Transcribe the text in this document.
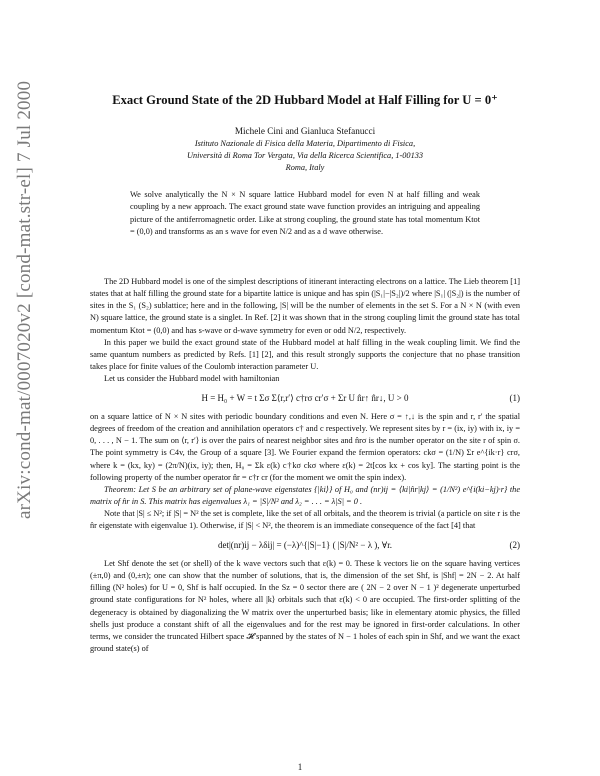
arXiv:cond-mat/0007020v2 [cond-mat.str-el] 7 Jul 2000	Exact Ground State of the 2D Hubbard Model at Half Filling for U = 0⁺
Michele Cini and Gianluca Stefanucci
Istituto Nazionale di Fisica della Materia, Dipartimento di Fisica,
Università di Roma Tor Vergata, Via della Ricerca Scientifica, 1-00133
Roma, Italy
We solve analytically the N × N square lattice Hubbard model for even N at half filling and weak coupling by a new approach. The exact ground state wave function provides an intriguing and appealing picture of the antiferromagnetic order. Like at strong coupling, the ground state has total momentum Ktot = (0,0) and transforms as an s wave for even N/2 and as a d wave otherwise.

The 2D Hubbard model is one of the simplest descriptions of itinerant interacting electrons on a lattice. The Lieb theorem [1] states that at half filling the ground state for a bipartite lattice is unique and has spin (|S₁|−|S₂|)/2 where |S₁| (|S₂|) is the number of sites in the S₁ (S₂) sublattice; here and in the following, |S| will be the number of elements in the set S. For a N × N (with even N) square lattice, the ground state is a singlet. In Ref. [2] it was shown that in the strong coupling limit the ground state has total momentum Ktot = (0,0) and has s-wave or d-wave symmetry for even or odd N/2, respectively.

In this paper we build the exact ground state of the Hubbard model at half filling in the weak coupling limit. We find the same quantum numbers as predicted by Refs. [1] [2], and this result strongly supports the conjecture that no phase transition takes place for finite values of the Coulomb interaction parameter U.

Let us consider the Hubbard model with hamiltonian

H = H₀ + W = t Σσ Σ⟨r,r′⟩ c†rσ cr′σ + Σr U n̂r↑ n̂r↓, U > 0	(1)

on a square lattice of N × N sites with periodic boundary conditions and even N. Here σ = ↑,↓ is the spin and r, r′ the spatial degrees of freedom of the creation and annihilation operators c† and c respectively. We represent sites by r = (ix, iy) with ix, iy = 0, . . . , N − 1. The sum on ⟨r, r′⟩ is over the pairs of nearest neighbor sites and n̂rσ is the number operator on the site r of spin σ. The point symmetry is C4v, the Group of a square [3]. We Fourier expand the fermion operators: ckσ = (1/N) Σr e^{ik·r} crσ, where k = (kx, ky) = (2π/N)(ix, iy); then, H₀ = Σk ε(k) c†kσ ckσ where ε(k) = 2t[cos kx + cos ky]. The starting point is the following property of the number operator n̂r = c†r cr (for the moment we omit the spin index).

Theorem: Let S be an arbitrary set of plane-wave eigenstates {|ki⟩} of H₀ and (nr)ij = ⟨ki|n̂r|kj⟩ = (1/N²) e^{i(ki−kj)·r} the matrix of n̂r in S. This matrix has eigenvalues λ₁ = |S|/N² and λ₂ = . . . = λ|S| = 0 .

Note that |S| ≤ N²; if |S| = N² the set is complete, like the set of all orbitals, and the theorem is trivial (a particle on site r is the n̂r eigenstate with eigenvalue 1). Otherwise, if |S| < N², the theorem is an immediate consequence of the fact [4] that

det|(nr)ij − λδij| = (−λ)^{|S|−1} ( |S|/N² − λ ), ∀r.	(2)

Let Shf denote the set (or shell) of the k wave vectors such that ε(k) = 0. These k vectors lie on the square having vertices (±π,0) and (0,±π); one can show that the number of solutions, that is, the dimension of the set Shf, is |Shf| = 2N − 2. At half filling (N² holes) for U = 0, Shf is half occupied. In the Sz = 0 sector there are ( 2N − 2 over N − 1 )² degenerate unperturbed ground state configurations for N² holes, where all |k⟩ orbitals such that ε(k) < 0 are occupied. The first-order splitting of the degeneracy is obtained by diagonalizing the W matrix over the unperturbed basis; like in elementary atomic physics, the filled shells just produce a constant shift of all the eigenvalues and for the rest may be ignored in first-order calculations. In other terms, we consider the truncated Hilbert space 𝓗 spanned by the states of N − 1 holes of each spin in Shf, and we want the exact ground state(s) of

1
